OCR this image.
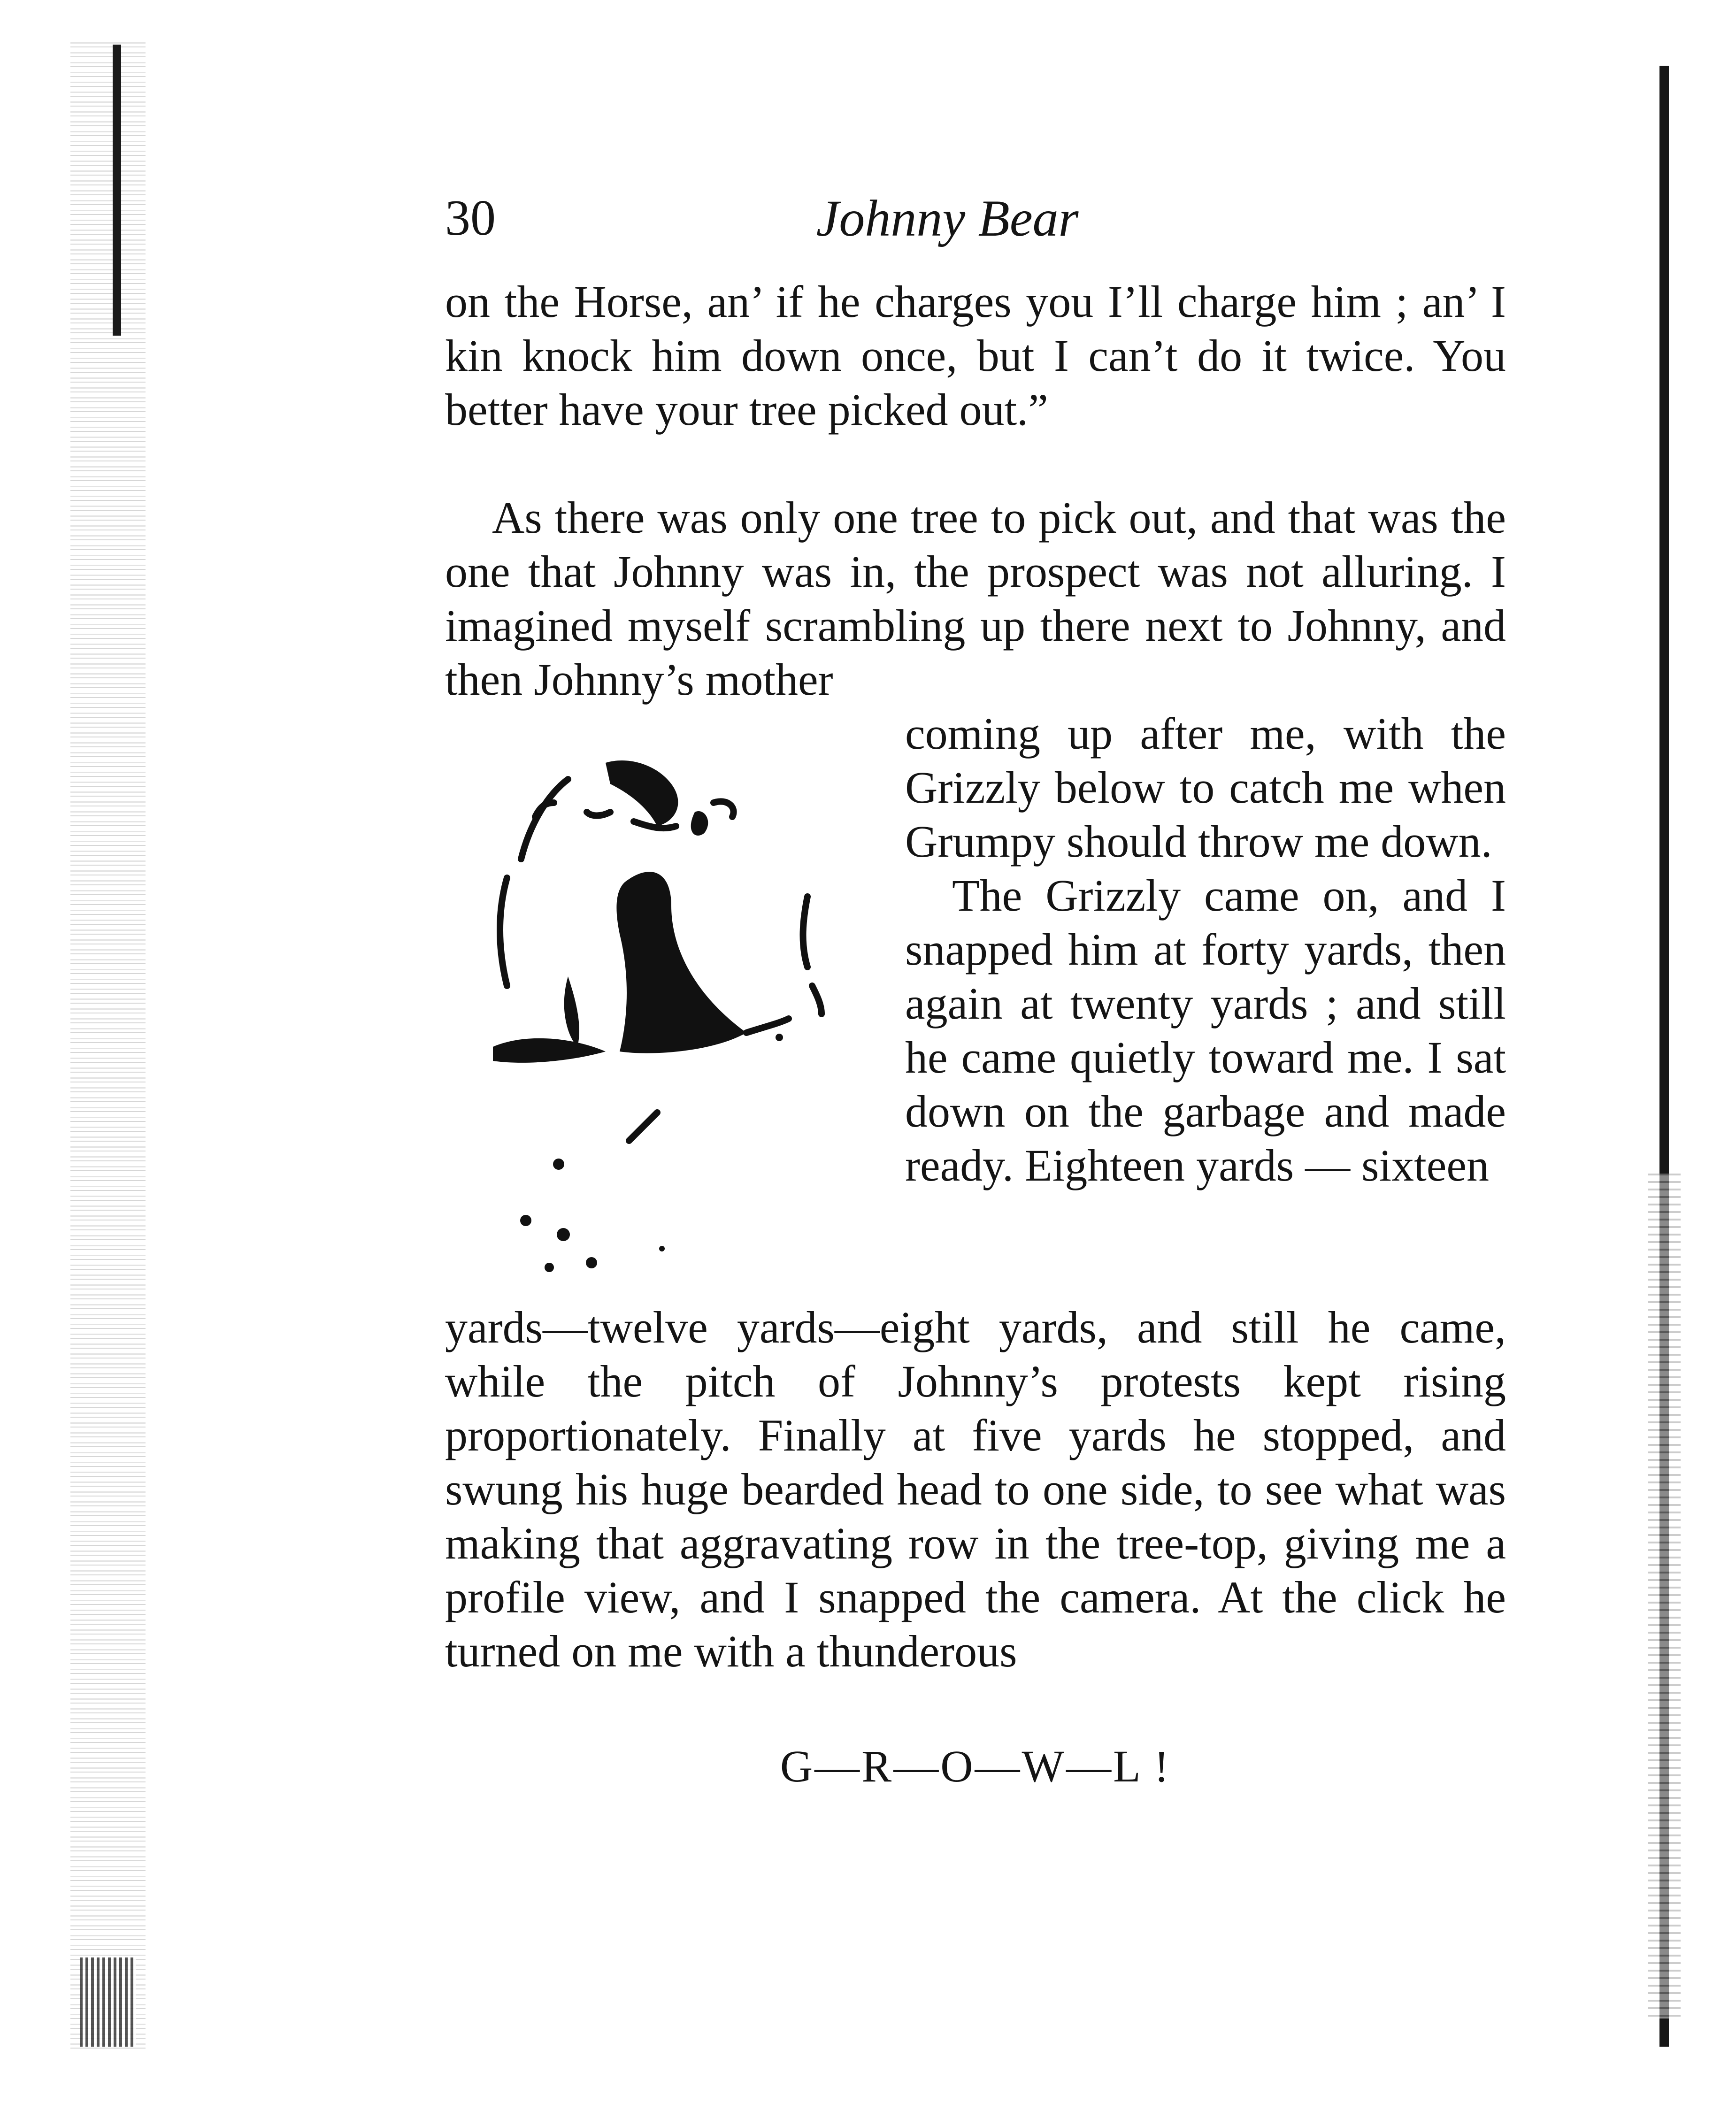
30	Johnny Bear

on the Horse, an’ if he charges you I’ll charge him ; an’ I kin knock him down once, but I can’t do it twice. You better have your tree picked out.”

As there was only one tree to pick out, and that was the one that Johnny was in, the prospect was not alluring. I imagined myself scrambling up there next to Johnny, and then Johnny’s mother

coming up after me, with the Grizzly below to catch me when Grumpy should throw me down.

The Grizzly came on, and I snapped him at forty yards, then again at twenty yards ; and still he came quietly toward me. I sat down on the garbage and made ready. Eighteen yards — sixteen

yards—twelve yards—eight yards, and still he came, while the pitch of Johnny’s protests kept rising proportionately. Finally at five yards he stopped, and swung his huge bearded head to one side, to see what was making that aggravating row in the tree-top, giving me a profile view, and I snapped the camera. At the click he turned on me with a thunderous

G—R—O—W—L !
